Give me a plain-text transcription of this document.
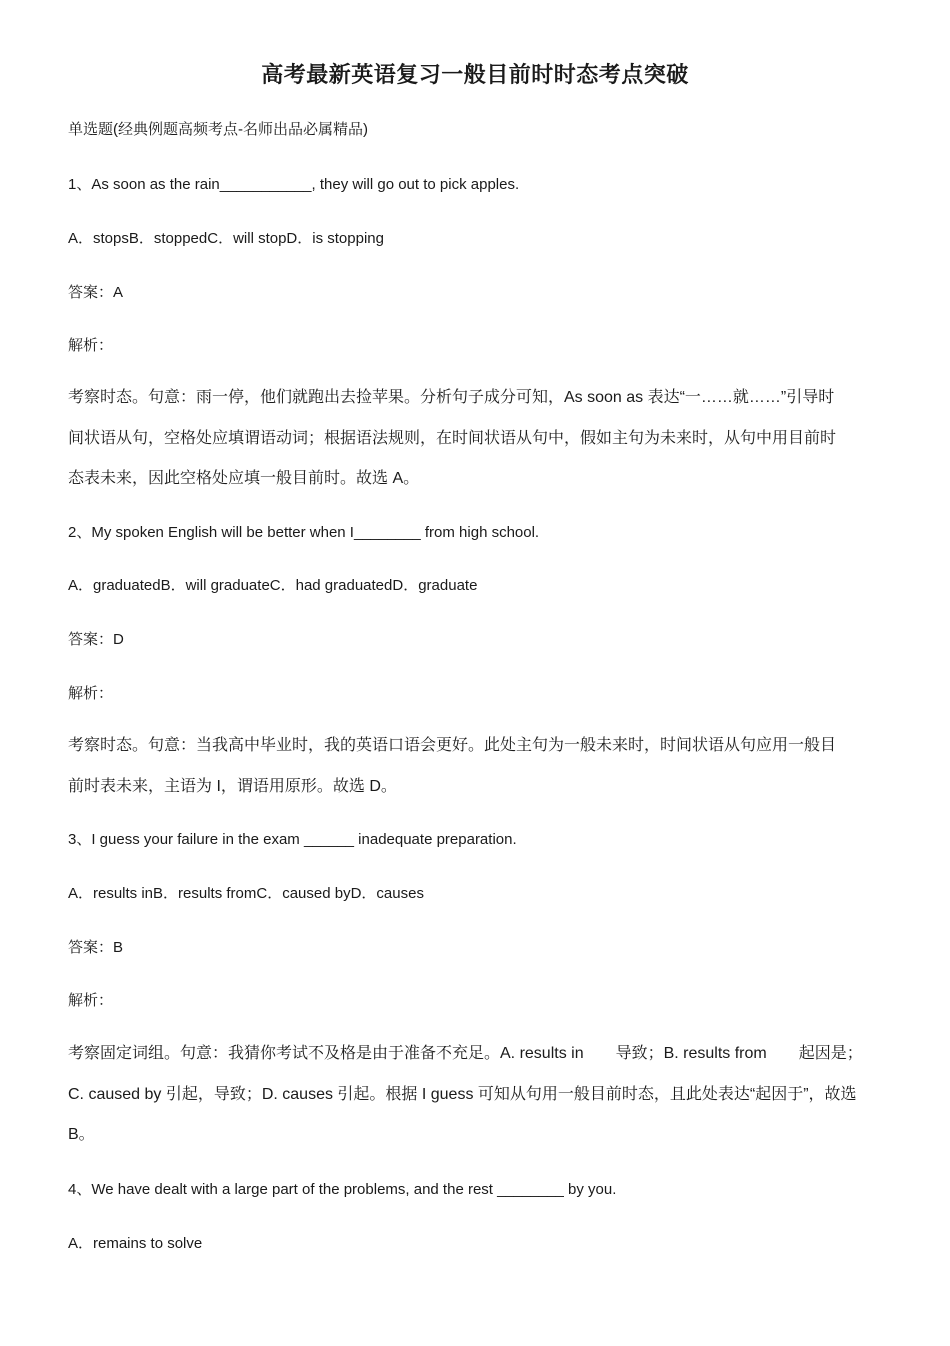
高考最新英语复习一般目前时时态考点突破
单选题(经典例题高频考点-名师出品必属精品)
1、As soon as the rain___________, they will go out to pick apples.
A．stopsB．stoppedC．will stopD．is stopping
答案：A
解析：
考察时态。句意：雨一停，他们就跑出去捡苹果。分析句子成分可知，As soon as 表达“一……就……”引导时
间状语从句，空格处应填谓语动词；根据语法规则，在时间状语从句中，假如主句为未来时，从句中用目前时
态表未来，因此空格处应填一般目前时。故选 A。
2、My spoken English will be better when I________ from high school.
A．graduatedB．will graduateC．had graduatedD．graduate
答案：D
解析：
考察时态。句意：当我高中毕业时，我的英语口语会更好。此处主句为一般未来时，时间状语从句应用一般目
前时表未来，主语为 I，谓语用原形。故选 D。
3、I guess your failure in the exam ______ inadequate preparation.
A．results inB．results fromC．caused byD．causes
答案：B
解析：
考察固定词组。句意：我猜你考试不及格是由于准备不充足。A. results in　　导致；B. results from　　起因是；
C. caused by 引起，导致；D. causes 引起。根据 I guess 可知从句用一般目前时态，且此处表达“起因于”，故选
B。
4、We have dealt with a large part of the problems, and the rest ________ by you.
A．remains to solve
